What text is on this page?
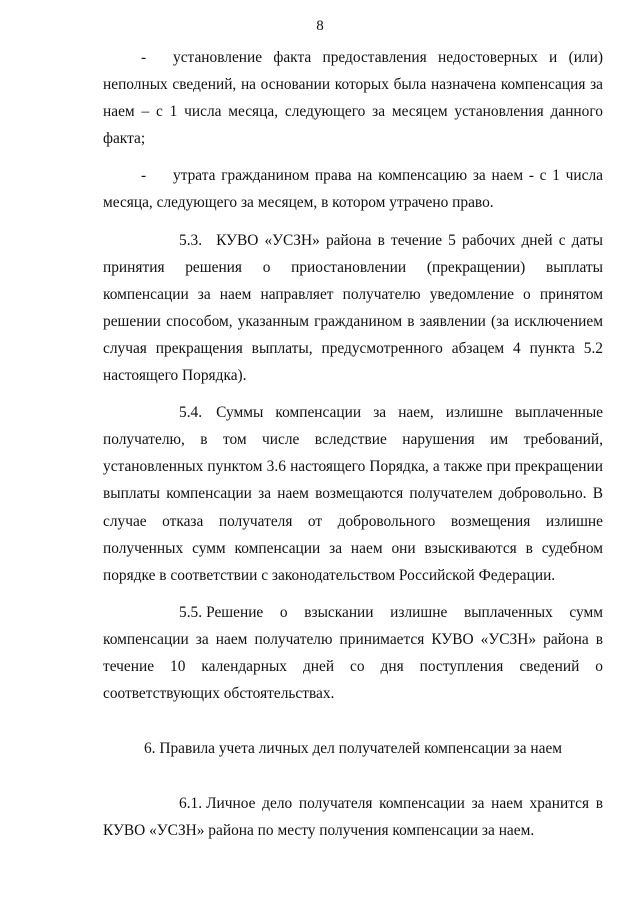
8

- установление факта предоставления недостоверных и (или) неполных сведений, на основании которых была назначена компенсация за наем – с 1 числа месяца, следующего за месяцем установления данного факта;

- утрата гражданином права на компенсацию за наем - с 1 числа месяца, следующего за месяцем, в котором утрачено право.

5.3. КУВО «УСЗН» района в течение 5 рабочих дней с даты принятия решения о приостановлении (прекращении) выплаты компенсации за наем направляет получателю уведомление о принятом решении способом, указанным гражданином в заявлении (за исключением случая прекращения выплаты, предусмотренного абзацем 4 пункта 5.2 настоящего Порядка).

5.4. Суммы компенсации за наем, излишне выплаченные получателю, в том числе вследствие нарушения им требований, установленных пунктом 3.6 настоящего Порядка, а также при прекращении выплаты компенсации за наем возмещаются получателем добровольно. В случае отказа получателя от добровольного возмещения излишне полученных сумм компенсации за наем они взыскиваются в судебном порядке в соответствии с законодательством Российской Федерации.

5.5. Решение о взыскании излишне выплаченных сумм компенсации за наем получателю принимается КУВО «УСЗН» района в течение 10 календарных дней со дня поступления сведений о соответствующих обстоятельствах.

6. Правила учета личных дел получателей компенсации за наем

6.1. Личное дело получателя компенсации за наем хранится в КУВО «УСЗН» района по месту получения компенсации за наем.
